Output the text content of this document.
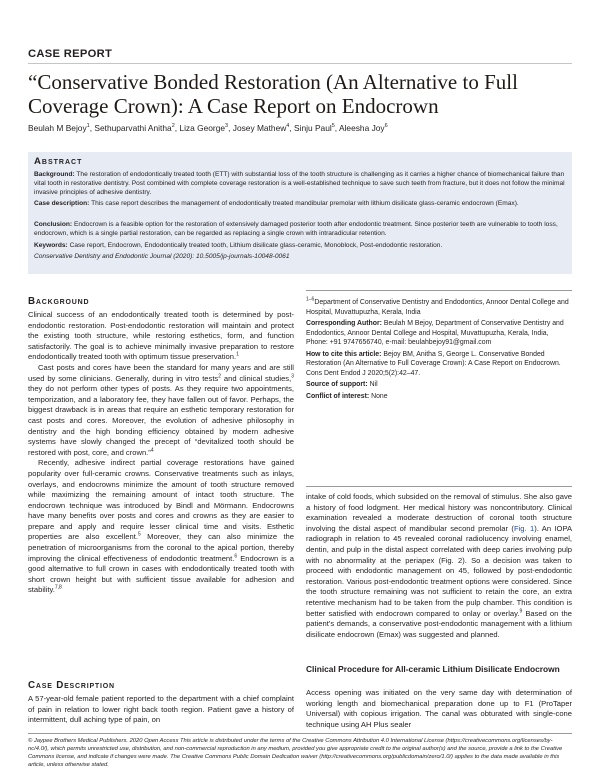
CASE REPORT
“Conservative Bonded Restoration (An Alternative to Full Coverage Crown): A Case Report on Endocrown
Beulah M Bejoy$^1$, Sethuparvathi Anitha$^2$, Liza George$^3$, Josey Mathew$^4$, Sinju Paul$^5$, Aleesha Joy$^6$
Abstract
Background: The restoration of endodontically treated tooth (ETT) with substantial loss of the tooth structure is challenging as it carries a higher chance of biomechanical failure than vital tooth in restorative dentistry. Post combined with complete coverage restoration is a well-established technique to save such teeth from fracture, but it does not follow the minimal invasive principles of adhesive dentistry.
Case description: This case report describes the management of endodontically treated mandibular premolar with lithium disilicate glass-ceramic endocrown (Emax).
Conclusion: Endocrown is a feasible option for the restoration of extensively damaged posterior tooth after endodontic treatment. Since posterior teeth are vulnerable to tooth loss, endocrown, which is a single partial restoration, can be regarded as replacing a single crown with intraradicular retention.
Keywords: Case report, Endocrown, Endodontically treated tooth, Lithium disilicate glass-ceramic, Monoblock, Post-endodontic restoration.
Conservative Dentistry and Endodontic Journal (2020): 10.5005/jp-journals-10048-0061
Background

Clinical success of an endodontically treated tooth is determined by post-endodontic restoration. Post-endodontic restoration will maintain and protect the existing tooth structure, while restoring esthetics, form, and function satisfactorily. The goal is to achieve minimally invasive preparation to restore endodontically treated tooth with optimum tissue preservation.$^1$

Cast posts and cores have been the standard for many years and are still used by some clinicians. Generally, during in vitro tests$^2$ and clinical studies,$^3$ they do not perform other types of posts. As they require two appointments, temporization, and a laboratory fee, they have fallen out of favor. Perhaps, the biggest drawback is in areas that require an esthetic temporary restoration for cast posts and cores. Moreover, the evolution of adhesive philosophy in dentistry and the high bonding efficiency obtained by modern adhesive systems have slowly changed the precept of “devitalized tooth should be restored with post, core, and crown.”$^4$

Recently, adhesive indirect partial coverage restorations have gained popularity over full-ceramic crowns. Conservative treatments such as inlays, overlays, and endocrowns minimize the amount of tooth structure removed while maximizing the remaining amount of intact tooth structure. The endocrown technique was introduced by Bindl and Mörmann. Endocrowns have many benefits over posts and cores and crowns as they are easier to prepare and apply and require lesser clinical time and visits. Esthetic properties are also excellent.$^5$ Moreover, they can also minimize the penetration of microorganisms from the coronal to the apical portion, thereby improving the clinical effectiveness of endodontic treatment.$^6$ Endocrown is a good alternative to full crown in cases with endodontically treated tooth with short crown height but with sufficient tissue available for adhesion and stability.$^{7,8}$

Case Description

A 57-year-old female patient reported to the department with a chief complaint of pain in relation to lower right back tooth region. Patient gave a history of intermittent, dull aching type of pain, on

$^{1-6}$Department of Conservative Dentistry and Endodontics, Annoor Dental College and Hospital, Muvattupuzha, Kerala, India

Corresponding Author: Beulah M Bejoy, Department of Conservative Dentistry and Endodontics, Annoor Dental College and Hospital, Muvattupuzha, Kerala, India, Phone: +91 9747656740, e-mail: beulahbejoy91@gmail.com

How to cite this article: Bejoy BM, Anitha S, George L. Conservative Bonded Restoration (An Alternative to Full Coverage Crown): A Case Report on Endocrown. Cons Dent Endod J 2020;5(2):42–47.

Source of support: Nil

Conflict of interest: None

intake of cold foods, which subsided on the removal of stimulus. She also gave a history of food lodgment. Her medical history was noncontributory. Clinical examination revealed a moderate destruction of coronal tooth structure involving the distal aspect of mandibular second premolar (Fig. 1). An IOPA radiograph in relation to 45 revealed coronal radiolucency involving enamel, dentin, and pulp in the distal aspect correlated with deep caries involving pulp with no abnormality at the periapex (Fig. 2). So a decision was taken to proceed with endodontic management on 45, followed by post-endodontic restoration. Various post-endodontic treatment options were considered. Since the tooth structure remaining was not sufficient to retain the core, an extra retentive mechanism had to be taken from the pulp chamber. This condition is better satisfied with endocrown compared to onlay or overlay.$^9$ Based on the patient’s demands, a conservative post-endodontic management with a lithium disilicate endocrown (Emax) was suggested and planned.

Clinical Procedure for All-ceramic Lithium Disilicate Endocrown

Access opening was initiated on the very same day with determination of working length and biomechanical preparation done up to F1 (ProTaper Universal) with copious irrigation. The canal was obturated with single-cone technique using AH Plus sealer

© Jaypee Brothers Medical Publishers. 2020 Open Access This article is distributed under the terms of the Creative Commons Attribution 4.0 International License (https://creativecommons.org/licenses/by-nc/4.0/), which permits unrestricted use, distribution, and non-commercial reproduction in any medium, provided you give appropriate credit to the original author(s) and the source, provide a link to the Creative Commons license, and indicate if changes were made. The Creative Commons Public Domain Dedication waiver (http://creativecommons.org/publicdomain/zero/1.0/) applies to the data made available in this article, unless otherwise stated.
